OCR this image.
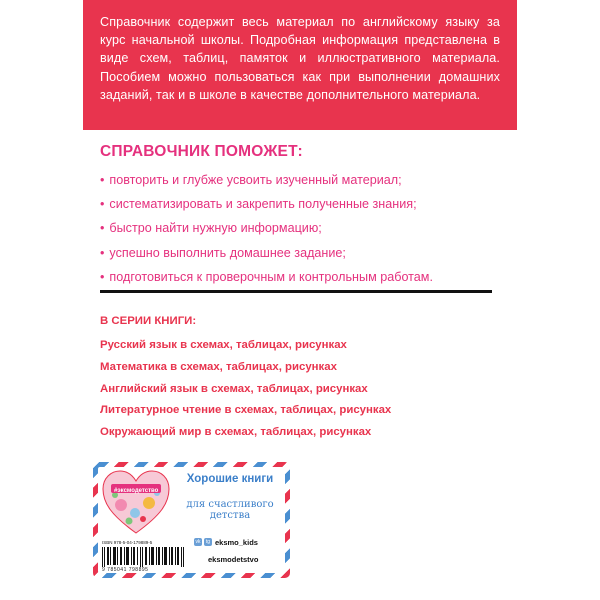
Справочник содержит весь материал по английскому языку за курс начальной школы. Подробная информация представлена в виде схем, таблиц, памяток и иллюстративного материала. Пособием можно пользоваться как при выполнении домашних заданий, так и в школе в качестве дополнительного материала.

СПРАВОЧНИК ПОМОЖЕТ:
• повторить и глубже усвоить изученный материал;
• систематизировать и закрепить полученные знания;
• быстро найти нужную информацию;
• успешно выполнить домашнее задание;
• подготовиться к проверочным и контрольным работам.
В СЕРИИ КНИГИ:
Русский язык в схемах, таблицах, рисунках
Математика в схемах, таблицах, рисунках
Английский язык в схемах, таблицах, рисунках
Литературное чтение в схемах, таблицах, рисунках
Окружающий мир в схемах, таблицах, рисунках
#эксмодетство
Хорошие книги
для счастливого детства
ISBN 978-5-04-179889-5
9 785041 798895
vk	tg eksmo_kids
eksmodetstvo
